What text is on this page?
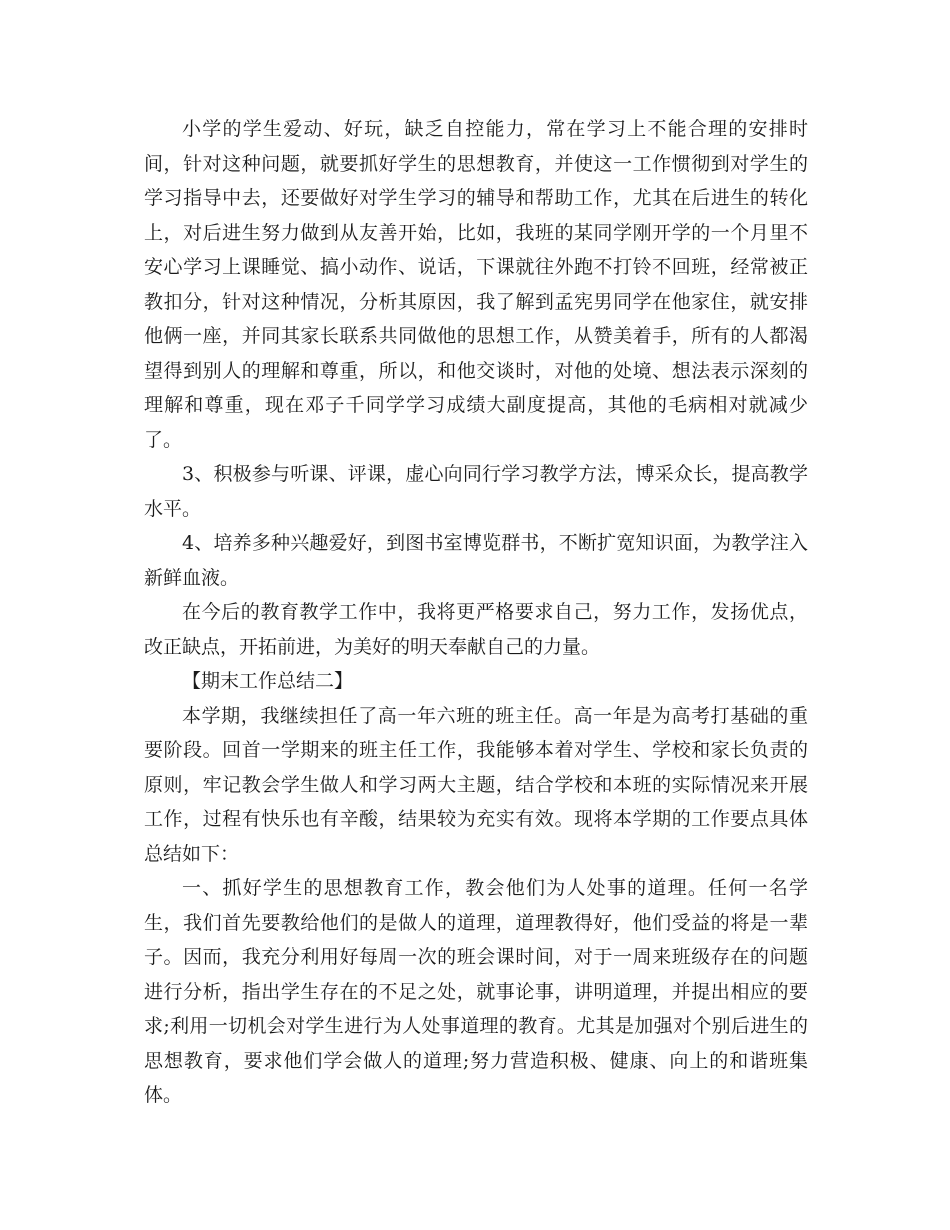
小学的学生爱动、好玩，缺乏自控能力，常在学习上不能合理的安排时间，针对这种问题，就要抓好学生的思想教育，并使这一工作惯彻到对学生的学习指导中去，还要做好对学生学习的辅导和帮助工作，尤其在后进生的转化上，对后进生努力做到从友善开始，比如，我班的某同学刚开学的一个月里不安心学习上课睡觉、搞小动作、说话，下课就往外跑不打铃不回班，经常被正教扣分，针对这种情况，分析其原因，我了解到孟宪男同学在他家住，就安排他俩一座，并同其家长联系共同做他的思想工作，从赞美着手，所有的人都渴望得到别人的理解和尊重，所以，和他交谈时，对他的处境、想法表示深刻的理解和尊重，现在邓子千同学学习成绩大副度提高，其他的毛病相对就减少了。

3、积极参与听课、评课，虚心向同行学习教学方法，博采众长，提高教学水平。

4、培养多种兴趣爱好，到图书室博览群书，不断扩宽知识面，为教学注入新鲜血液。

在今后的教育教学工作中，我将更严格要求自己，努力工作，发扬优点，改正缺点，开拓前进，为美好的明天奉献自己的力量。

【期末工作总结二】

本学期，我继续担任了高一年六班的班主任。高一年是为高考打基础的重要阶段。回首一学期来的班主任工作，我能够本着对学生、学校和家长负责的原则，牢记教会学生做人和学习两大主题，结合学校和本班的实际情况来开展工作，过程有快乐也有辛酸，结果较为充实有效。现将本学期的工作要点具体总结如下：

一、抓好学生的思想教育工作，教会他们为人处事的道理。任何一名学生，我们首先要教给他们的是做人的道理，道理教得好，他们受益的将是一辈子。因而，我充分利用好每周一次的班会课时间，对于一周来班级存在的问题进行分析，指出学生存在的不足之处，就事论事，讲明道理，并提出相应的要求;利用一切机会对学生进行为人处事道理的教育。尤其是加强对个别后进生的思想教育，要求他们学会做人的道理;努力营造积极、健康、向上的和谐班集体。
